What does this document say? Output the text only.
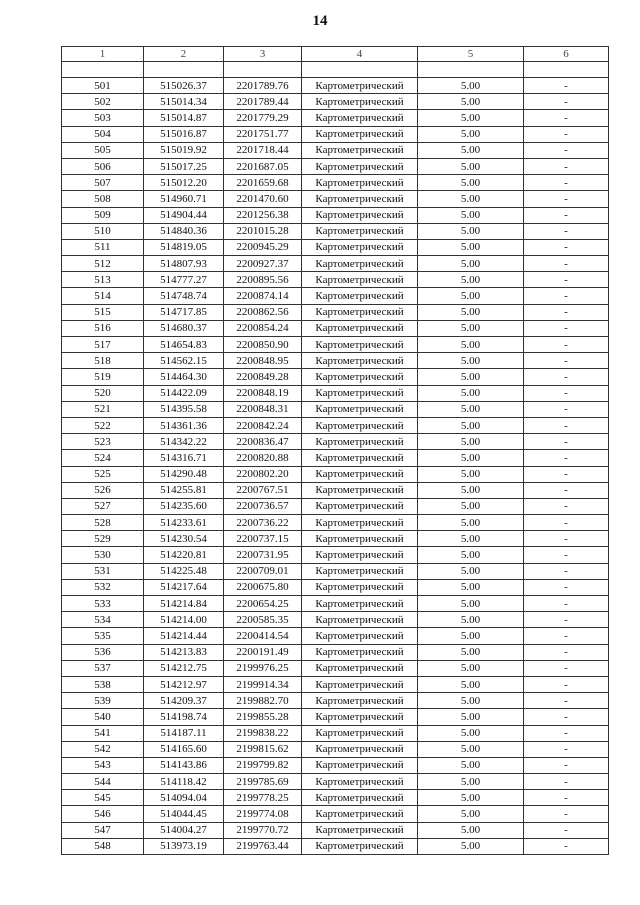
14
1	2	3	4	5	6

501	515026.37	2201789.76	Картометрический	5.00	-
502	515014.34	2201789.44	Картометрический	5.00	-
503	515014.87	2201779.29	Картометрический	5.00	-
504	515016.87	2201751.77	Картометрический	5.00	-
505	515019.92	2201718.44	Картометрический	5.00	-
506	515017.25	2201687.05	Картометрический	5.00	-
507	515012.20	2201659.68	Картометрический	5.00	-
508	514960.71	2201470.60	Картометрический	5.00	-
509	514904.44	2201256.38	Картометрический	5.00	-
510	514840.36	2201015.28	Картометрический	5.00	-
511	514819.05	2200945.29	Картометрический	5.00	-
512	514807.93	2200927.37	Картометрический	5.00	-
513	514777.27	2200895.56	Картометрический	5.00	-
514	514748.74	2200874.14	Картометрический	5.00	-
515	514717.85	2200862.56	Картометрический	5.00	-
516	514680.37	2200854.24	Картометрический	5.00	-
517	514654.83	2200850.90	Картометрический	5.00	-
518	514562.15	2200848.95	Картометрический	5.00	-
519	514464.30	2200849.28	Картометрический	5.00	-
520	514422.09	2200848.19	Картометрический	5.00	-
521	514395.58	2200848.31	Картометрический	5.00	-
522	514361.36	2200842.24	Картометрический	5.00	-
523	514342.22	2200836.47	Картометрический	5.00	-
524	514316.71	2200820.88	Картометрический	5.00	-
525	514290.48	2200802.20	Картометрический	5.00	-
526	514255.81	2200767.51	Картометрический	5.00	-
527	514235.60	2200736.57	Картометрический	5.00	-
528	514233.61	2200736.22	Картометрический	5.00	-
529	514230.54	2200737.15	Картометрический	5.00	-
530	514220.81	2200731.95	Картометрический	5.00	-
531	514225.48	2200709.01	Картометрический	5.00	-
532	514217.64	2200675.80	Картометрический	5.00	-
533	514214.84	2200654.25	Картометрический	5.00	-
534	514214.00	2200585.35	Картометрический	5.00	-
535	514214.44	2200414.54	Картометрический	5.00	-
536	514213.83	2200191.49	Картометрический	5.00	-
537	514212.75	2199976.25	Картометрический	5.00	-
538	514212.97	2199914.34	Картометрический	5.00	-
539	514209.37	2199882.70	Картометрический	5.00	-
540	514198.74	2199855.28	Картометрический	5.00	-
541	514187.11	2199838.22	Картометрический	5.00	-
542	514165.60	2199815.62	Картометрический	5.00	-
543	514143.86	2199799.82	Картометрический	5.00	-
544	514118.42	2199785.69	Картометрический	5.00	-
545	514094.04	2199778.25	Картометрический	5.00	-
546	514044.45	2199774.08	Картометрический	5.00	-
547	514004.27	2199770.72	Картометрический	5.00	-
548	513973.19	2199763.44	Картометрический	5.00	-
